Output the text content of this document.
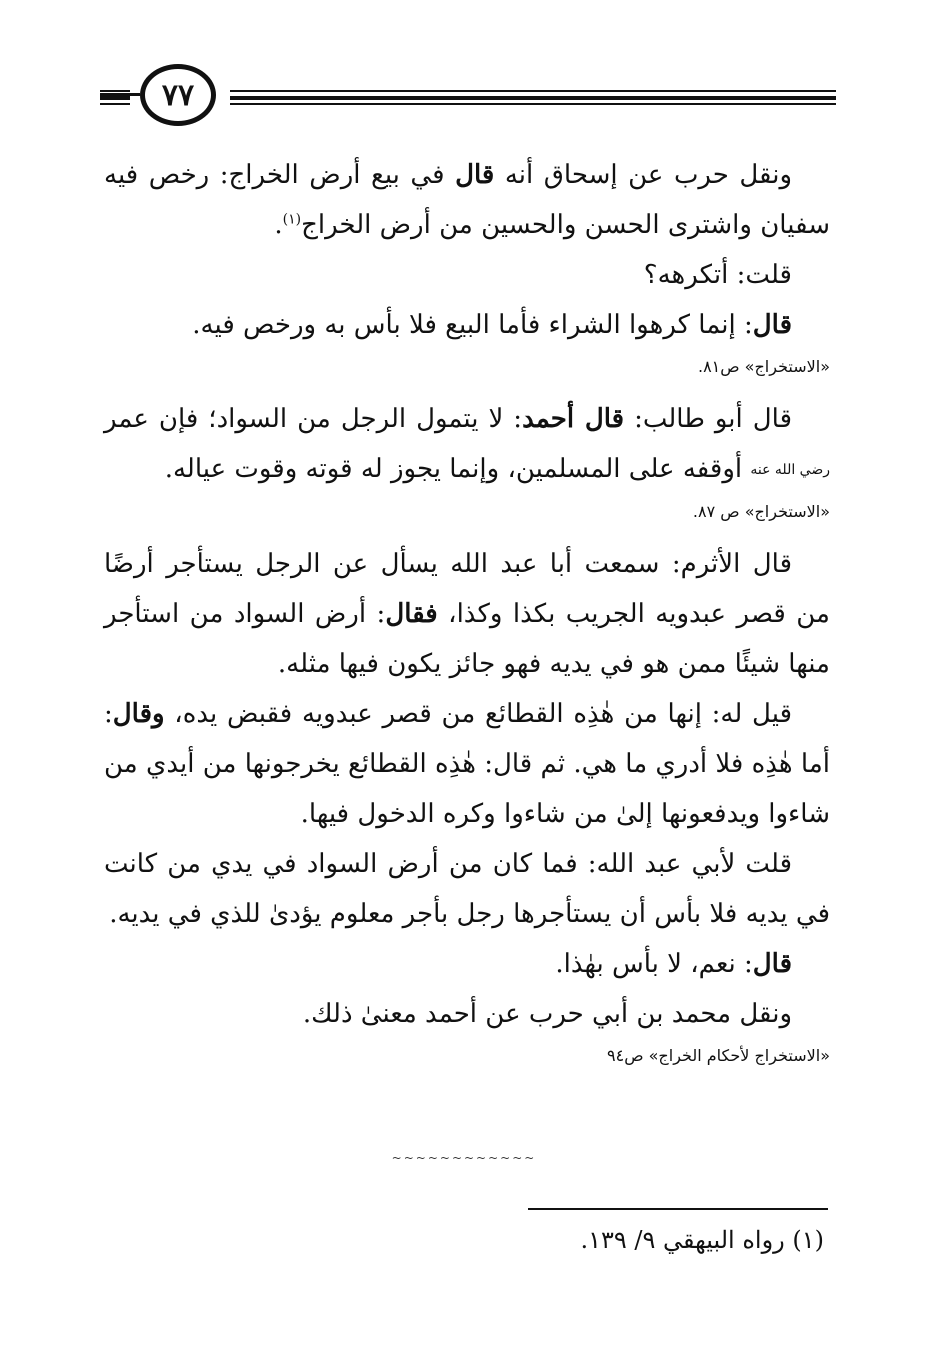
٧٧

ونقل حرب عن إسحاق أنه قال في بيع أرض الخراج: رخص فيه سفيان واشترى الحسن والحسين من أرض الخراج$^{(١)}$.

قلت: أتكرهه؟

قال: إنما كرهوا الشراء فأما البيع فلا بأس به ورخص فيه.

«الاستخراج» ص٨١.

قال أبو طالب: قال أحمد: لا يتمول الرجل من السواد؛ فإن عمر رضي الله عنه أوقفه على المسلمين، وإنما يجوز له قوته وقوت عياله.

«الاستخراج» ص ٨٧.

قال الأثرم: سمعت أبا عبد الله يسأل عن الرجل يستأجر أرضًا من قصر عبدويه الجريب بكذا وكذا، فقال: أرض السواد من استأجر منها شيئًا ممن هو في يديه فهو جائز يكون فيها مثله.

قيل له: إنها من هٰذِه القطائع من قصر عبدويه فقبض يده، وقال: أما هٰذِه فلا أدري ما هي. ثم قال: هٰذِه القطائع يخرجونها من أيدي من شاءوا ويدفعونها إلىٰ من شاءوا وكره الدخول فيها.

قلت لأبي عبد الله: فما كان من أرض السواد في يدي من كانت في يديه فلا بأس أن يستأجرها رجل بأجر معلوم يؤدىٰ للذي في يديه.

قال: نعم، لا بأس بهٰذا.

ونقل محمد بن أبي حرب عن أحمد معنىٰ ذلك.

«الاستخراج لأحكام الخراج» ص٩٤
~~~~~~~~~~~~
(١) رواه البيهقي ٩/ ١٣٩.
